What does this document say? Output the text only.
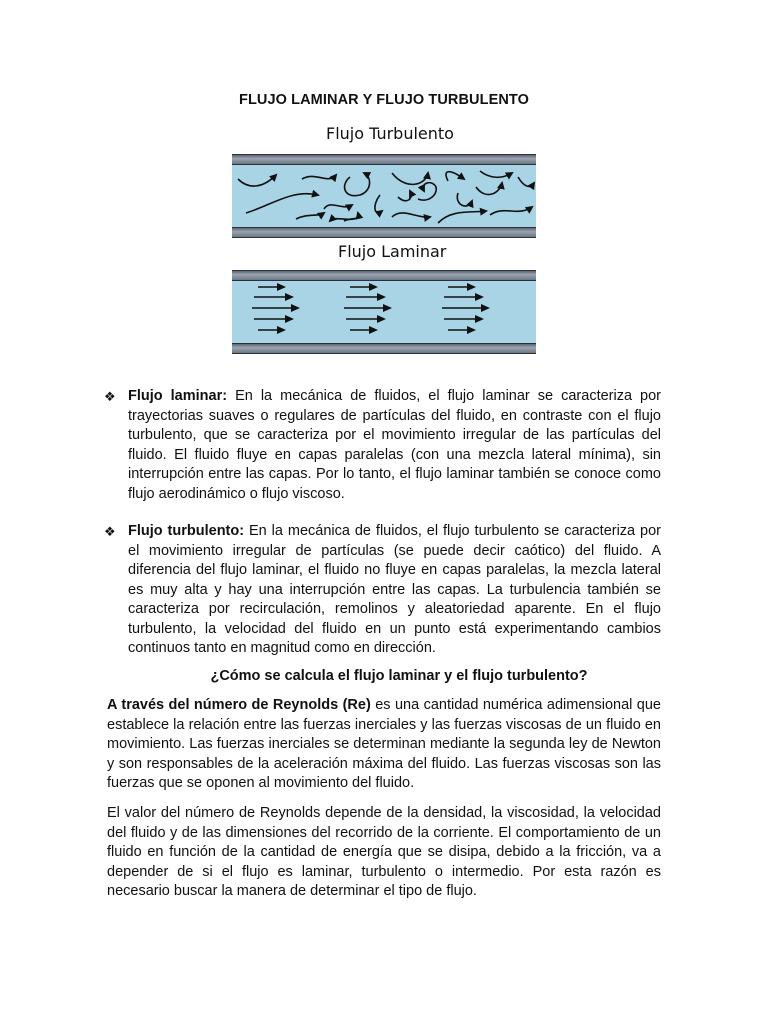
FLUJO LAMINAR Y FLUJO TURBULENTO
Flujo Turbulento
Flujo Laminar
❖ Flujo laminar: En la mecánica de fluidos, el flujo laminar se caracteriza por trayectorias suaves o regulares de partículas del fluido, en contraste con el flujo turbulento, que se caracteriza por el movimiento irregular de las partículas del fluido. El fluido fluye en capas paralelas (con una mezcla lateral mínima), sin interrupción entre las capas. Por lo tanto, el flujo laminar también se conoce como flujo aerodinámico o flujo viscoso.
❖ Flujo turbulento: En la mecánica de fluidos, el flujo turbulento se caracteriza por el movimiento irregular de partículas (se puede decir caótico) del fluido. A diferencia del flujo laminar, el fluido no fluye en capas paralelas, la mezcla lateral es muy alta y hay una interrupción entre las capas. La turbulencia también se caracteriza por recirculación, remolinos y aleatoriedad aparente. En el flujo turbulento, la velocidad del fluido en un punto está experimentando cambios continuos tanto en magnitud como en dirección.
¿Cómo se calcula el flujo laminar y el flujo turbulento?
A través del número de Reynolds (Re) es una cantidad numérica adimensional que establece la relación entre las fuerzas inerciales y las fuerzas viscosas de un fluido en movimiento. Las fuerzas inerciales se determinan mediante la segunda ley de Newton y son responsables de la aceleración máxima del fluido. Las fuerzas viscosas son las fuerzas que se oponen al movimiento del fluido.
El valor del número de Reynolds depende de la densidad, la viscosidad, la velocidad del fluido y de las dimensiones del recorrido de la corriente. El comportamiento de un fluido en función de la cantidad de energía que se disipa, debido a la fricción, va a depender de si el flujo es laminar, turbulento o intermedio. Por esta razón es necesario buscar la manera de determinar el tipo de flujo.
